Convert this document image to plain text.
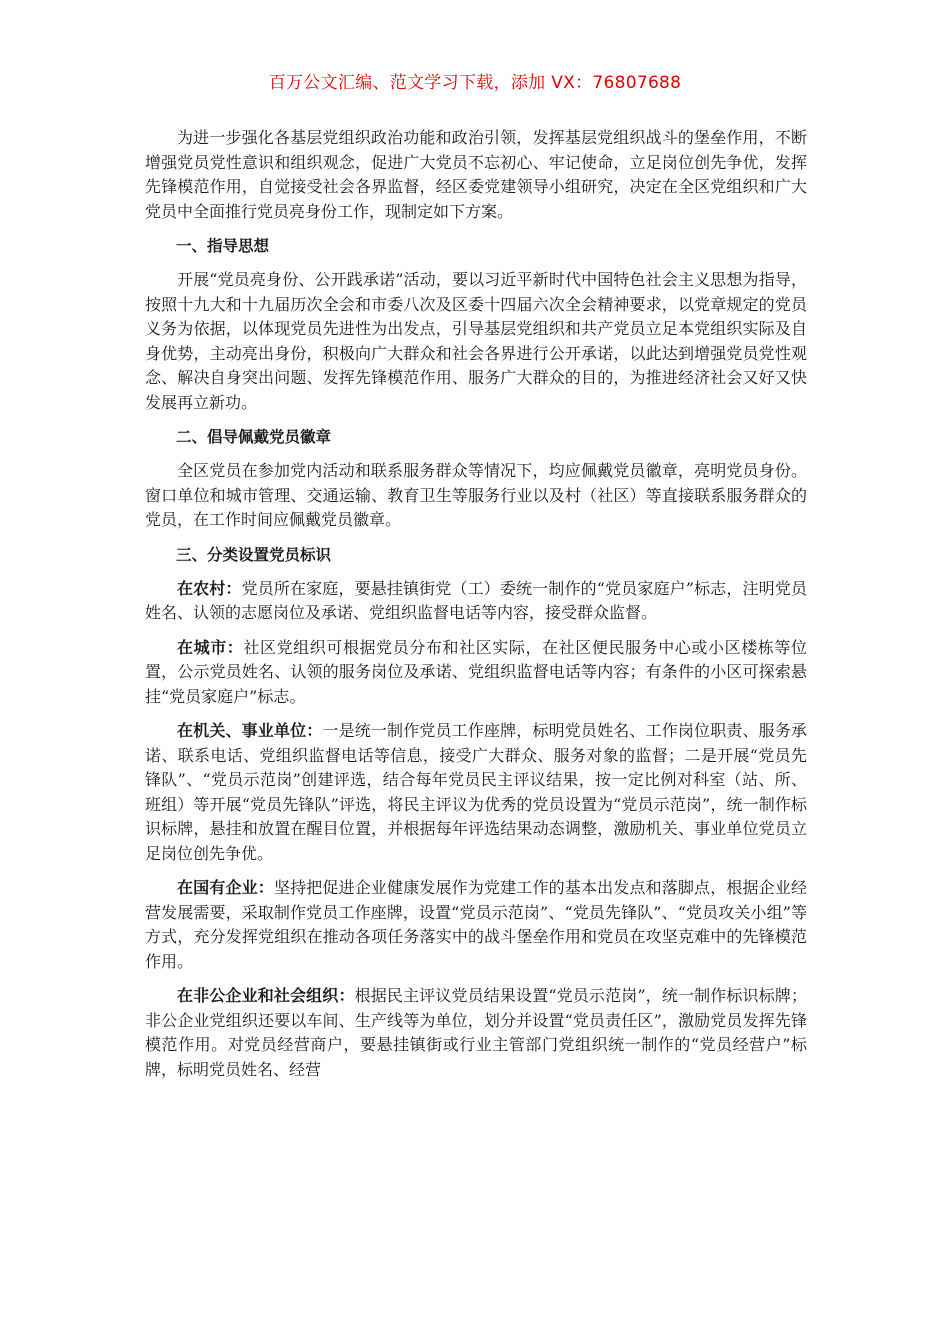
百万公文汇编、范文学习下载，添加 VX：76807688

为进一步强化各基层党组织政治功能和政治引领，发挥基层党组织战斗的堡垒作用，不断增强党员党性意识和组织观念，促进广大党员不忘初心、牢记使命，立足岗位创先争优，发挥先锋模范作用，自觉接受社会各界监督，经区委党建领导小组研究，决定在全区党组织和广大党员中全面推行党员亮身份工作，现制定如下方案。

一、指导思想

开展“党员亮身份、公开践承诺”活动，要以习近平新时代中国特色社会主义思想为指导，按照十九大和十九届历次全会和市委八次及区委十四届六次全会精神要求，以党章规定的党员义务为依据，以体现党员先进性为出发点，引导基层党组织和共产党员立足本党组织实际及自身优势，主动亮出身份，积极向广大群众和社会各界进行公开承诺，以此达到增强党员党性观念、解决自身突出问题、发挥先锋模范作用、服务广大群众的目的，为推进经济社会又好又快发展再立新功。

二、倡导佩戴党员徽章

全区党员在参加党内活动和联系服务群众等情况下，均应佩戴党员徽章，亮明党员身份。窗口单位和城市管理、交通运输、教育卫生等服务行业以及村（社区）等直接联系服务群众的党员，在工作时间应佩戴党员徽章。

三、分类设置党员标识

在农村：党员所在家庭，要悬挂镇街党（工）委统一制作的“党员家庭户”标志，注明党员姓名、认领的志愿岗位及承诺、党组织监督电话等内容，接受群众监督。

在城市：社区党组织可根据党员分布和社区实际，在社区便民服务中心或小区楼栋等位置，公示党员姓名、认领的服务岗位及承诺、党组织监督电话等内容；有条件的小区可探索悬挂“党员家庭户”标志。

在机关、事业单位：一是统一制作党员工作座牌，标明党员姓名、工作岗位职责、服务承诺、联系电话、党组织监督电话等信息，接受广大群众、服务对象的监督；二是开展“党员先锋队”、“党员示范岗”创建评选，结合每年党员民主评议结果，按一定比例对科室（站、所、班组）等开展“党员先锋队”评选，将民主评议为优秀的党员设置为“党员示范岗”，统一制作标识标牌，悬挂和放置在醒目位置，并根据每年评选结果动态调整，激励机关、事业单位党员立足岗位创先争优。

在国有企业：坚持把促进企业健康发展作为党建工作的基本出发点和落脚点，根据企业经营发展需要，采取制作党员工作座牌，设置“党员示范岗”、“党员先锋队”、“党员攻关小组”等方式，充分发挥党组织在推动各项任务落实中的战斗堡垒作用和党员在攻坚克难中的先锋模范作用。

在非公企业和社会组织：根据民主评议党员结果设置“党员示范岗”，统一制作标识标牌；非公企业党组织还要以车间、生产线等为单位，划分并设置“党员责任区”，激励党员发挥先锋模范作用。对党员经营商户，要悬挂镇街或行业主管部门党组织统一制作的“党员经营户”标牌，标明党员姓名、经营
